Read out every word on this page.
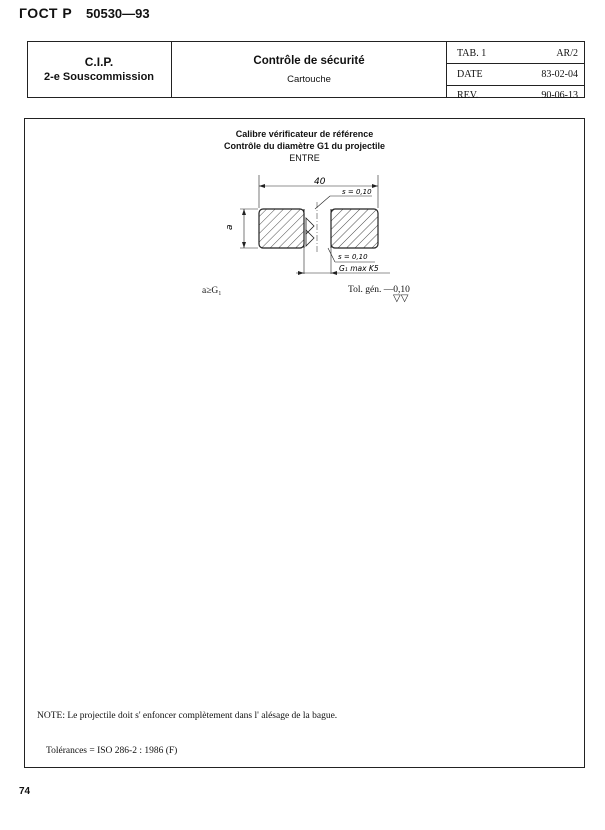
ГОСТ Р 50530—93
C.I.P.
2-e Souscommission
Contrôle de sécurité
Cartouche
TAB. 1	AR/2
DATE	83-02-04
REV.	90-06-13
Calibre vérificateur de référence
Contrôle du diamètre G1 du projectile
ENTRE
40
s = 0,10
a
s = 0,10
G₁ max K5
a≥G₁	Tol. gén. —0,10
▽▽
NOTE: Le projectile doit s' enfoncer complètement dans l' alésage de la bague.
Tolérances = ISO 286-2 : 1986 (F)
74
